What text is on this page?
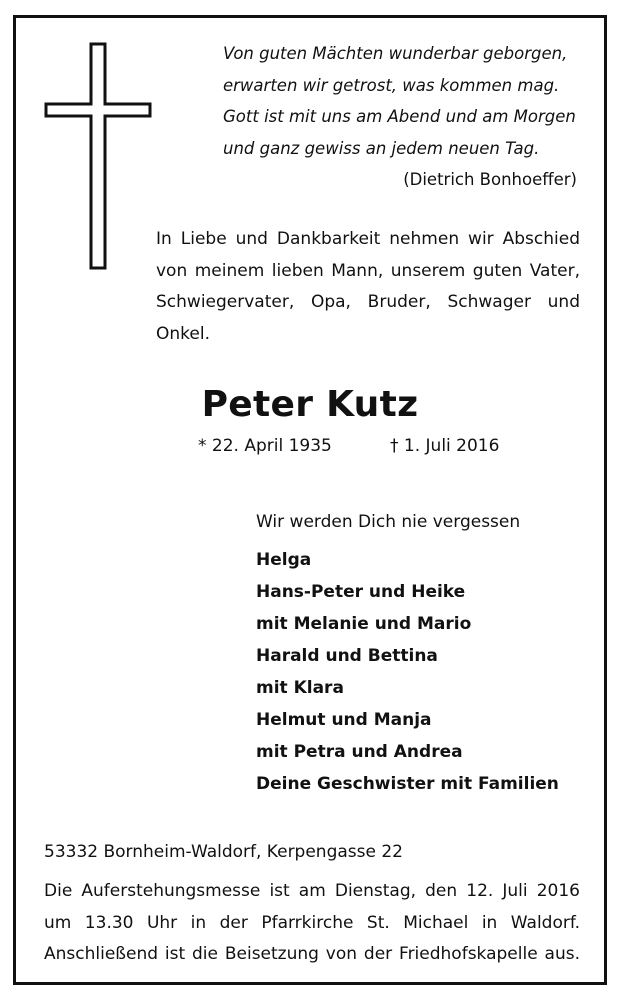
Von guten Mächten wunderbar geborgen,
erwarten wir getrost, was kommen mag.
Gott ist mit uns am Abend und am Morgen
und ganz gewiss an jedem neuen Tag.
(Dietrich Bonhoeffer)
In Liebe und Dankbarkeit nehmen wir Abschied
von meinem lieben Mann, unserem guten Vater,
Schwiegervater, Opa, Bruder, Schwager und
Onkel.
Peter Kutz
* 22. April 1935	† 1. Juli 2016
Wir werden Dich nie vergessen
Helga
Hans-Peter und Heike
mit Melanie und Mario
Harald und Bettina
mit Klara
Helmut und Manja
mit Petra und Andrea
Deine Geschwister mit Familien
53332 Bornheim-Waldorf, Kerpengasse 22
Die Auferstehungsmesse ist am Dienstag, den 12. Juli 2016
um 13.30 Uhr in der Pfarrkirche St. Michael in Waldorf.
Anschließend ist die Beisetzung von der Friedhofskapelle aus.
